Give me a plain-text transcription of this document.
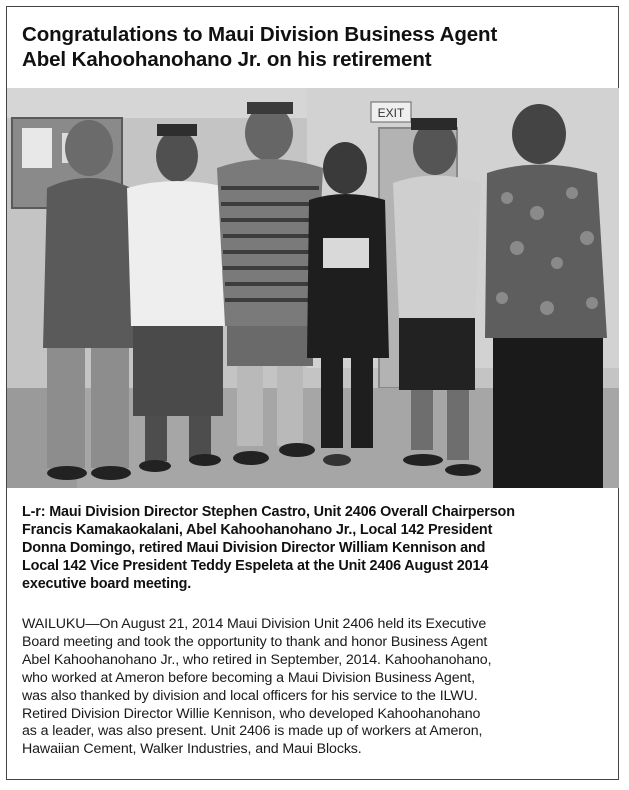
Congratulations to Maui Division Business Agent
Abel Kahoohanohano Jr. on his retirement
EXIT
L-r: Maui Division Director Stephen Castro, Unit 2406 Overall Chairperson
Francis Kamakaokalani, Abel Kahoohanohano Jr., Local 142 President
Donna Domingo, retired Maui Division Director William Kennison and
Local 142 Vice President Teddy Espeleta at the Unit 2406 August 2014
executive board meeting.
WAILUKU—On August 21, 2014 Maui Division Unit 2406 held its Executive
Board meeting and took the opportunity to thank and honor Business Agent
Abel Kahoohanohano Jr., who retired in September, 2014. Kahoohanohano,
who worked at Ameron before becoming a Maui Division Business Agent,
was also thanked by division and local officers for his service to the ILWU.
Retired Division Director Willie Kennison, who developed Kahoohanohano
as a leader, was also present. Unit 2406 is made up of workers at Ameron,
Hawaiian Cement, Walker Industries, and Maui Blocks.
